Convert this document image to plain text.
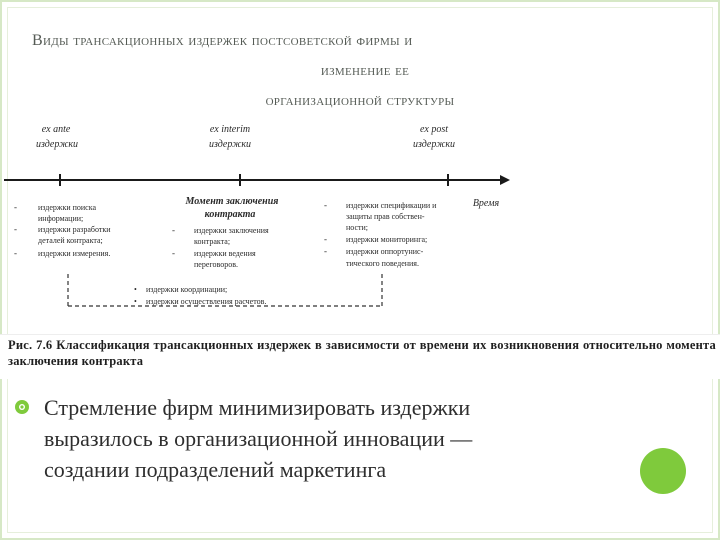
Виды трансакционных издержек постсоветской фирмы и
изменение ее
организационной структуры
ex ante
издержки
ex interim
издержки
ex post
издержки
Время
Момент заключения
контракта
-	издержки поиска
информации;
-	издержки разработки
деталей контракта;
-	издержки измерения.
- издержки заключения
контракта;
- издержки ведения
переговоров.
- издержки спецификации и
защиты прав собствен-
ности;
- издержки мониторинга;
- издержки оппортунис-
тического поведения.
• издержки координации;
• издержки осуществления расчетов.
Рис. 7.6 Классификация трансакционных издержек в зависимости от времени их возникновения относительно момента заключения контракта
Стремление фирм минимизировать издержки
выразилось в организационной инновации —
создании подразделений маркетинга
